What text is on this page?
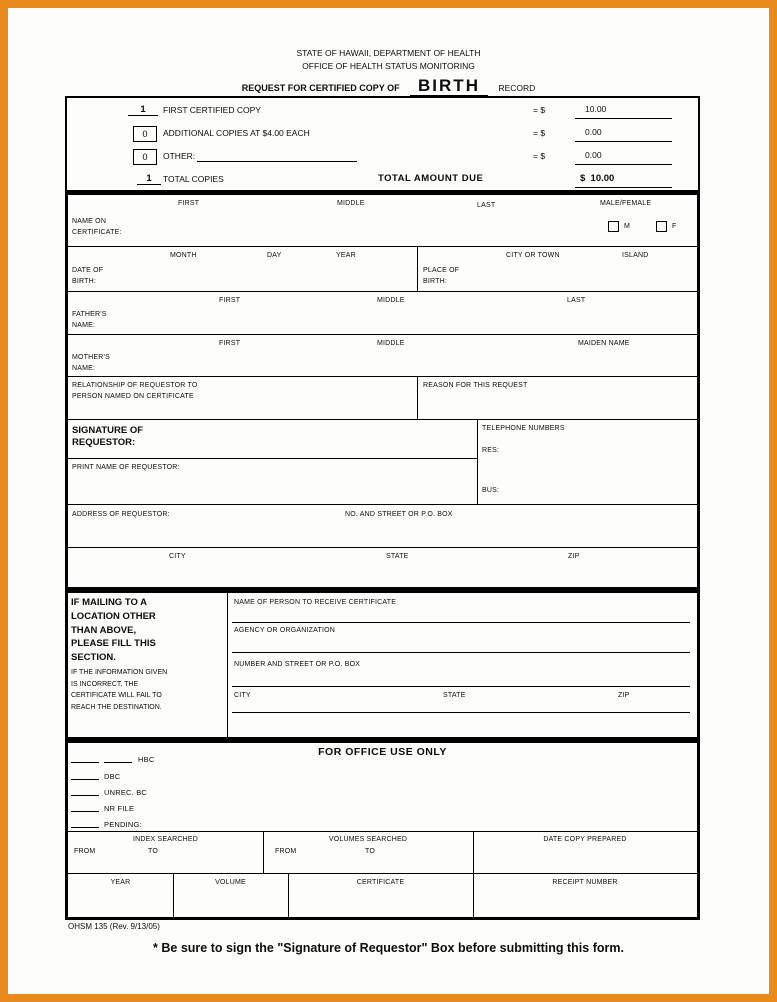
STATE OF HAWAII, DEPARTMENT OF HEALTH
OFFICE OF HEALTH STATUS MONITORING
REQUEST FOR CERTIFIED COPY OF BIRTH RECORD
1	FIRST CERTIFIED COPY	= $	10.00
0	ADDITIONAL COPIES AT $4.00 EACH	= $	0.00
0	OTHER:	= $	0.00
1	TOTAL COPIES	TOTAL AMOUNT DUE	$  10.00
FIRST	MIDDLE	LAST	MALE/FEMALE
NAME ON
CERTIFICATE:
M	F
MONTH	DAY	YEAR
DATE OF
BIRTH:
CITY OR TOWN	ISLAND
PLACE OF
BIRTH:
FIRST	MIDDLE	LAST
FATHER'S
NAME:
FIRST	MIDDLE	MAIDEN NAME
MOTHER'S
NAME:
RELATIONSHIP OF REQUESTOR TO
PERSON NAMED ON CERTIFICATE
REASON FOR THIS REQUEST
SIGNATURE OF
REQUESTOR:
PRINT NAME OF REQUESTOR:
TELEPHONE NUMBERS
RES:
BUS:
ADDRESS OF REQUESTOR:	NO. AND STREET OR P.O. BOX
CITY	STATE	ZIP
IF MAILING TO A
LOCATION OTHER
THAN ABOVE,
PLEASE FILL THIS
SECTION.
IF THE INFORMATION GIVEN
IS INCORRECT, THE
CERTIFICATE WILL FAIL TO
REACH THE DESTINATION.
NAME OF PERSON TO RECEIVE CERTIFICATE
AGENCY OR ORGANIZATION
NUMBER AND STREET OR P.O. BOX
CITY	STATE	ZIP
FOR OFFICE USE ONLY
HBC
DBC
UNREC. BC
NR FILE
PENDING:
INDEX SEARCHED
FROM	TO
VOLUMES SEARCHED
FROM	TO
DATE COPY PREPARED
YEAR	VOLUME	CERTIFICATE	RECEIPT NUMBER
OHSM 135 (Rev. 9/13/05)
* Be sure to sign the "Signature of Requestor" Box before submitting this form.
